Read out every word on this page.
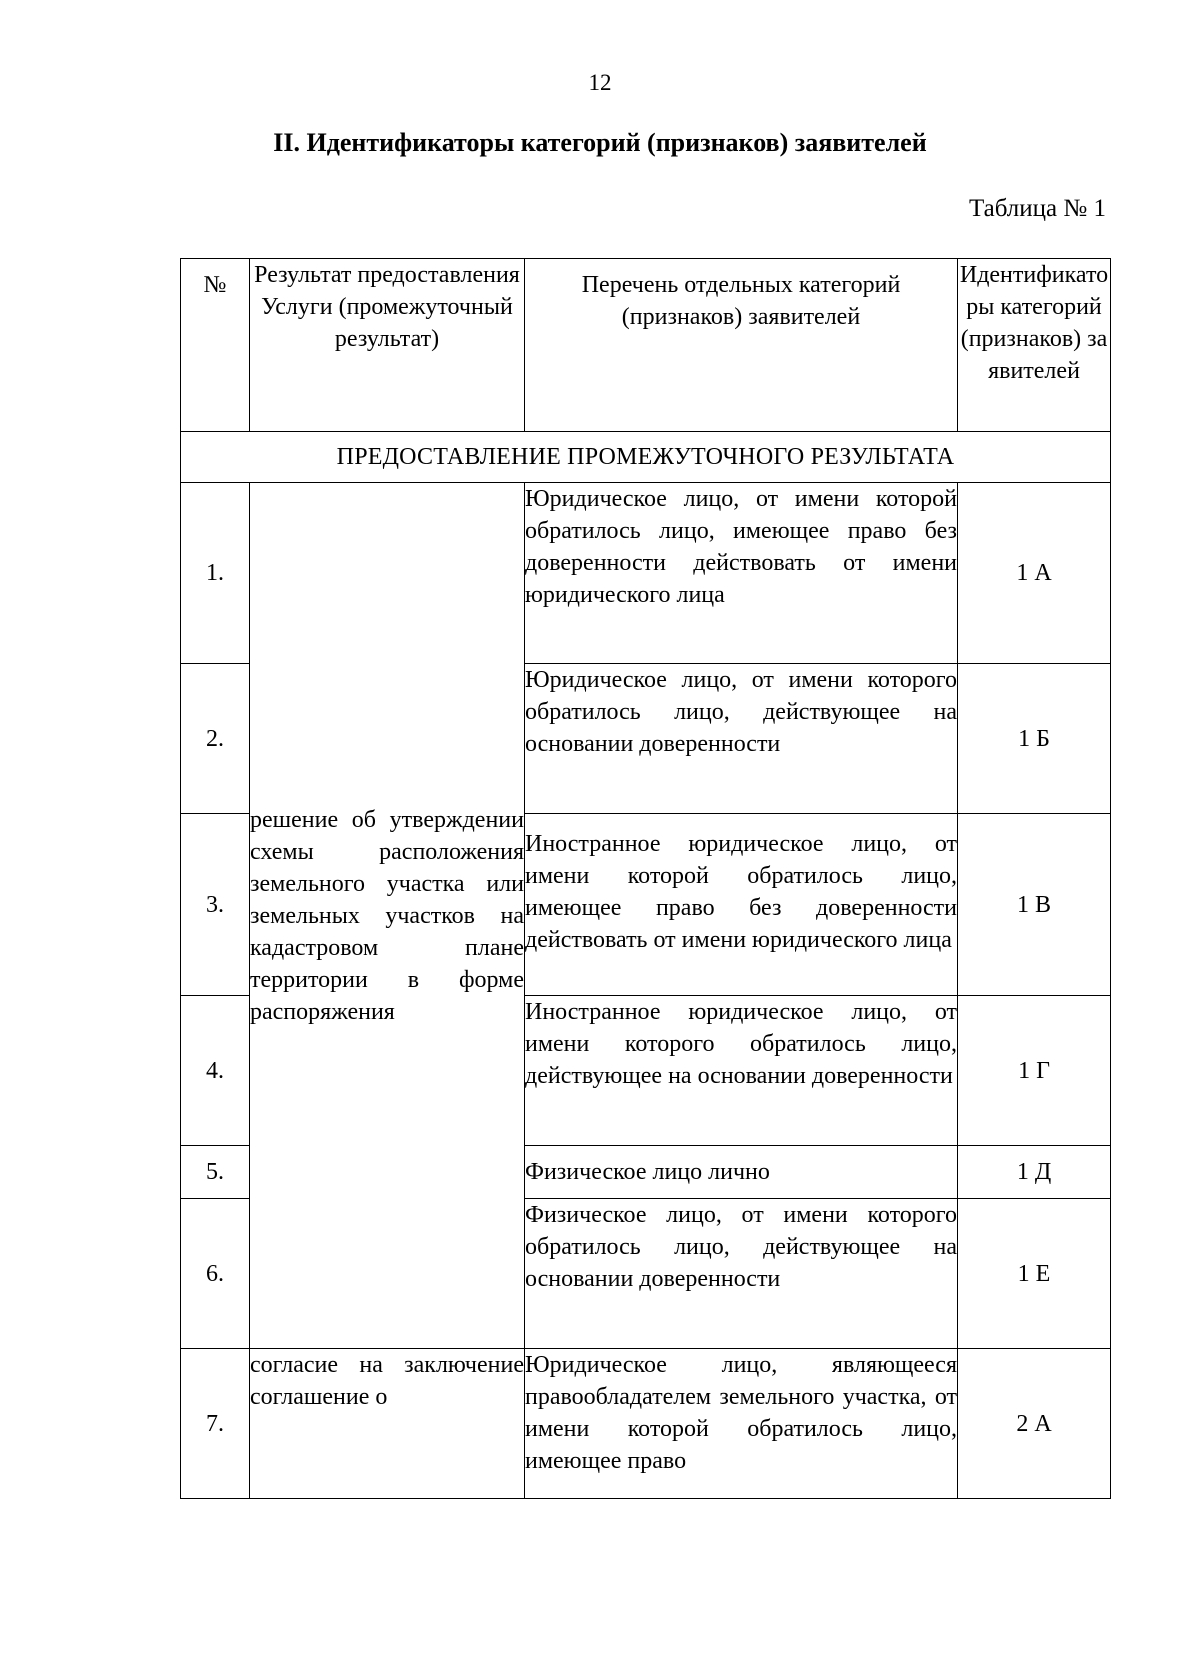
12
II. Идентификаторы категорий (признаков) заявителей
Таблица № 1
№	Результат предоставления Услуги (промежуточный результат)	Перечень отдельных категорий (признаков) заявителей	Идентификаторы категорий (признаков) заявителей
ПРЕДОСТАВЛЕНИЕ ПРОМЕЖУТОЧНОГО РЕЗУЛЬТАТА			
1.	решение об утверждении схемы расположения земельного участка или земельных участков на кадастровом плане территории в форме распоряжения	Юридическое лицо, от имени которой обратилось лицо, имеющее право без доверенности действовать от имени юридического лица	1 А
2.		Юридическое лицо, от имени которого обратилось лицо, действующее на основании доверенности	1 Б
3.		Иностранное юридическое лицо, от имени которой обратилось лицо, имеющее право без доверенности действовать от имени юридического лица	1 В
4.		Иностранное юридическое лицо, от имени которого обратилось лицо, действующее на основании доверенности	1 Г
5.		Физическое лицо лично	1 Д
6.		Физическое лицо, от имени которого обратилось лицо, действующее на основании доверенности	1 Е
7.	согласие на заключение соглашение о	Юридическое лицо, являющееся правообладателем земельного участка, от имени которой обратилось лицо, имеющее право	2 А
